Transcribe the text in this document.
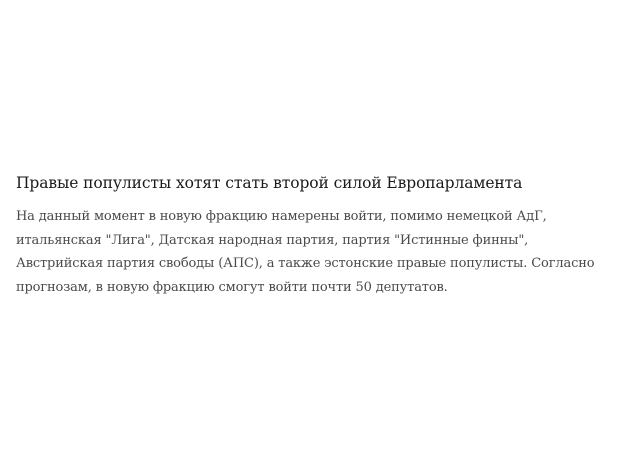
Правые популисты хотят стать второй силой Европарламента

На данный момент в новую фракцию намерены войти, помимо немецкой АдГ, итальянская "Лига", Датская народная партия, партия "Истинные финны", Австрийская партия свободы (АПС), а также эстонские правые популисты. Согласно прогнозам, в новую фракцию смогут войти почти 50 депутатов.
